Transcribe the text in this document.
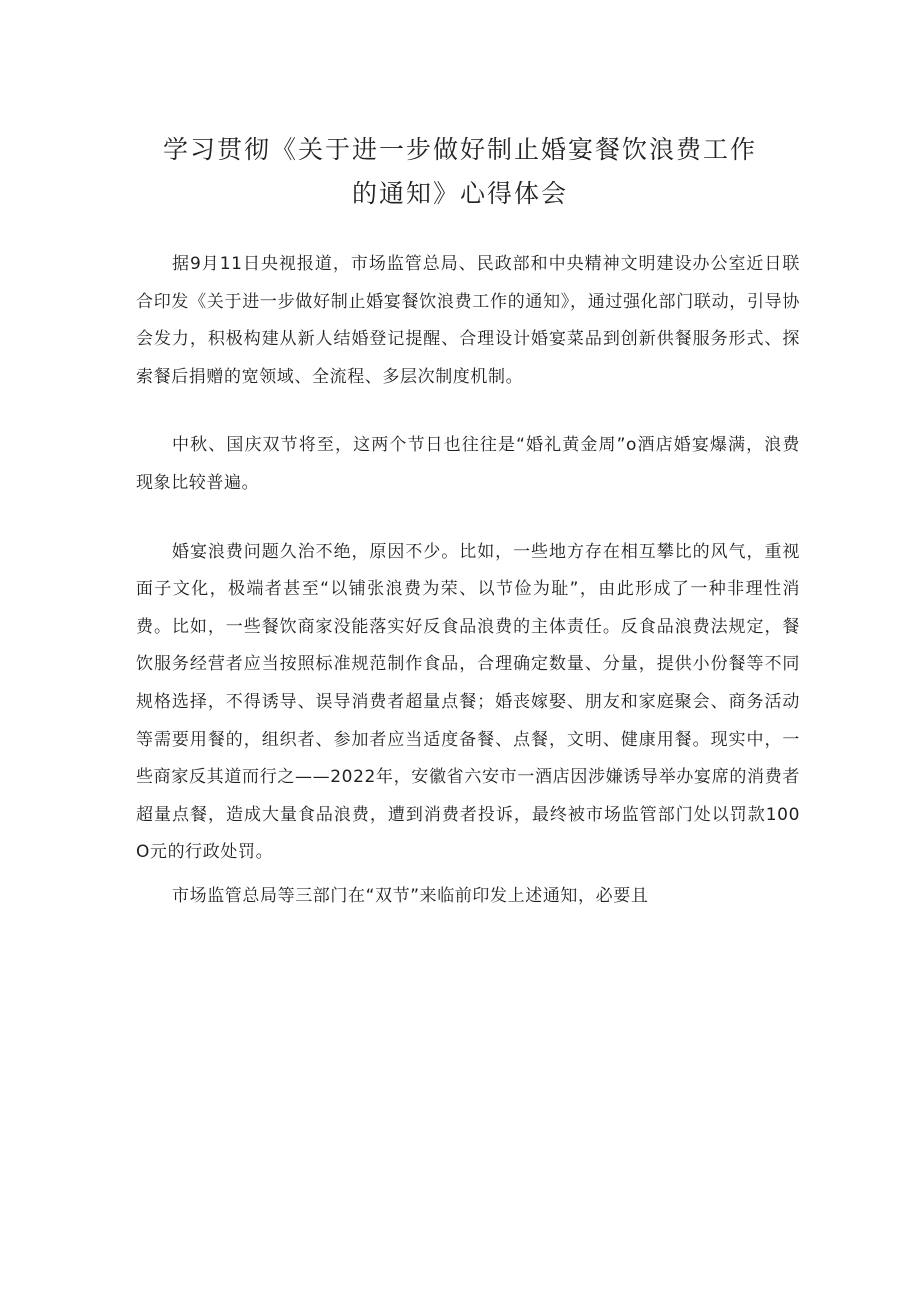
学习贯彻《关于进一步做好制止婚宴餐饮浪费工作
的通知》心得体会

据9月11日央视报道，市场监管总局、民政部和中央精神文明建设办公室近日联合印发《关于进一步做好制止婚宴餐饮浪费工作的通知》，通过强化部门联动，引导协会发力，积极构建从新人结婚登记提醒、合理设计婚宴菜品到创新供餐服务形式、探索餐后捐赠的宽领域、全流程、多层次制度机制。

中秋、国庆双节将至，这两个节日也往往是“婚礼黄金周”o酒店婚宴爆满，浪费现象比较普遍。

婚宴浪费问题久治不绝，原因不少。比如，一些地方存在相互攀比的风气，重视面子文化，极端者甚至“以铺张浪费为荣、以节俭为耻”，由此形成了一种非理性消费。比如，一些餐饮商家没能落实好反食品浪费的主体责任。反食品浪费法规定，餐饮服务经营者应当按照标准规范制作食品，合理确定数量、分量，提供小份餐等不同规格选择，不得诱导、误导消费者超量点餐；婚丧嫁娶、朋友和家庭聚会、商务活动等需要用餐的，组织者、参加者应当适度备餐、点餐，文明、健康用餐。现实中，一些商家反其道而行之——2022年，安徽省六安市一酒店因涉嫌诱导举办宴席的消费者超量点餐，造成大量食品浪费，遭到消费者投诉，最终被市场监管部门处以罚款100O元的行政处罚。

市场监管总局等三部门在“双节”来临前印发上述通知，必要且
